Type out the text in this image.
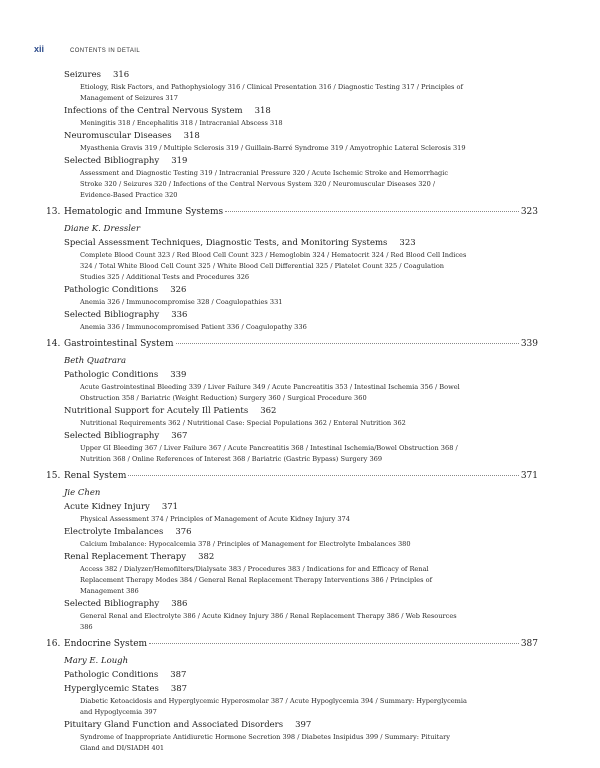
xii	CONTENTS IN DETAIL
Seizures 316
Etiology, Risk Factors, and Pathophysiology 316 / Clinical Presentation 316 / Diagnostic Testing 317 / Principles of Management of Seizures 317
Infections of the Central Nervous System 318
Meningitis 318 / Encephalitis 318 / Intracranial Abscess 318
Neuromuscular Diseases 318
Myasthenia Gravis 319 / Multiple Sclerosis 319 / Guillain-Barré Syndrome 319 / Amyotrophic Lateral Sclerosis 319
Selected Bibliography 319
Assessment and Diagnostic Testing 319 / Intracranial Pressure 320 / Acute Ischemic Stroke and Hemorrhagic Stroke 320 / Seizures 320 / Infections of the Central Nervous System 320 / Neuromuscular Diseases 320 / Evidence-Based Practice 320
13. Hematologic and Immune Systems	323
Diane K. Dressler
Special Assessment Techniques, Diagnostic Tests, and Monitoring Systems 323
Complete Blood Count 323 / Red Blood Cell Count 323 / Hemoglobin 324 / Hematocrit 324 / Red Blood Cell Indices 324 / Total White Blood Cell Count 325 / White Blood Cell Differential 325 / Platelet Count 325 / Coagulation Studies 325 / Additional Tests and Procedures 326
Pathologic Conditions 326
Anemia 326 / Immunocompromise 328 / Coagulopathies 331
Selected Bibliography 336
Anemia 336 / Immunocompromised Patient 336 / Coagulopathy 336
14. Gastrointestinal System	339
Beth Quatrara
Pathologic Conditions 339
Acute Gastrointestinal Bleeding 339 / Liver Failure 349 / Acute Pancreatitis 353 / Intestinal Ischemia 356 / Bowel Obstruction 358 / Bariatric (Weight Reduction) Surgery 360 / Surgical Procedure 360
Nutritional Support for Acutely Ill Patients 362
Nutritional Requirements 362 / Nutritional Case: Special Populations 362 / Enteral Nutrition 362
Selected Bibliography 367
Upper GI Bleeding 367 / Liver Failure 367 / Acute Pancreatitis 368 / Intestinal Ischemia/Bowel Obstruction 368 / Nutrition 368 / Online References of Interest 368 / Bariatric (Gastric Bypass) Surgery 369
15. Renal System	371
Jie Chen
Acute Kidney Injury 371
Physical Assessment 374 / Principles of Management of Acute Kidney Injury 374
Electrolyte Imbalances 376
Calcium Imbalance: Hypocalcemia 378 / Principles of Management for Electrolyte Imbalances 380
Renal Replacement Therapy 382
Access 382 / Dialyzer/Hemofilters/Dialysate 383 / Procedures 383 / Indications for and Efficacy of Renal Replacement Therapy Modes 384 / General Renal Replacement Therapy Interventions 386 / Principles of Management 386
Selected Bibliography 386
General Renal and Electrolyte 386 / Acute Kidney Injury 386 / Renal Replacement Therapy 386 / Web Resources 386
16. Endocrine System	387
Mary E. Lough
Pathologic Conditions 387
Hyperglycemic States 387
Diabetic Ketoacidosis and Hyperglycemic Hyperosmolar 387 / Acute Hypoglycemia 394 / Summary: Hyperglycemia and Hypoglycemia 397
Pituitary Gland Function and Associated Disorders 397
Syndrome of Inappropriate Antidiuretic Hormone Secretion 398 / Diabetes Insipidus 399 / Summary: Pituitary Gland and DI/SIADH 401
